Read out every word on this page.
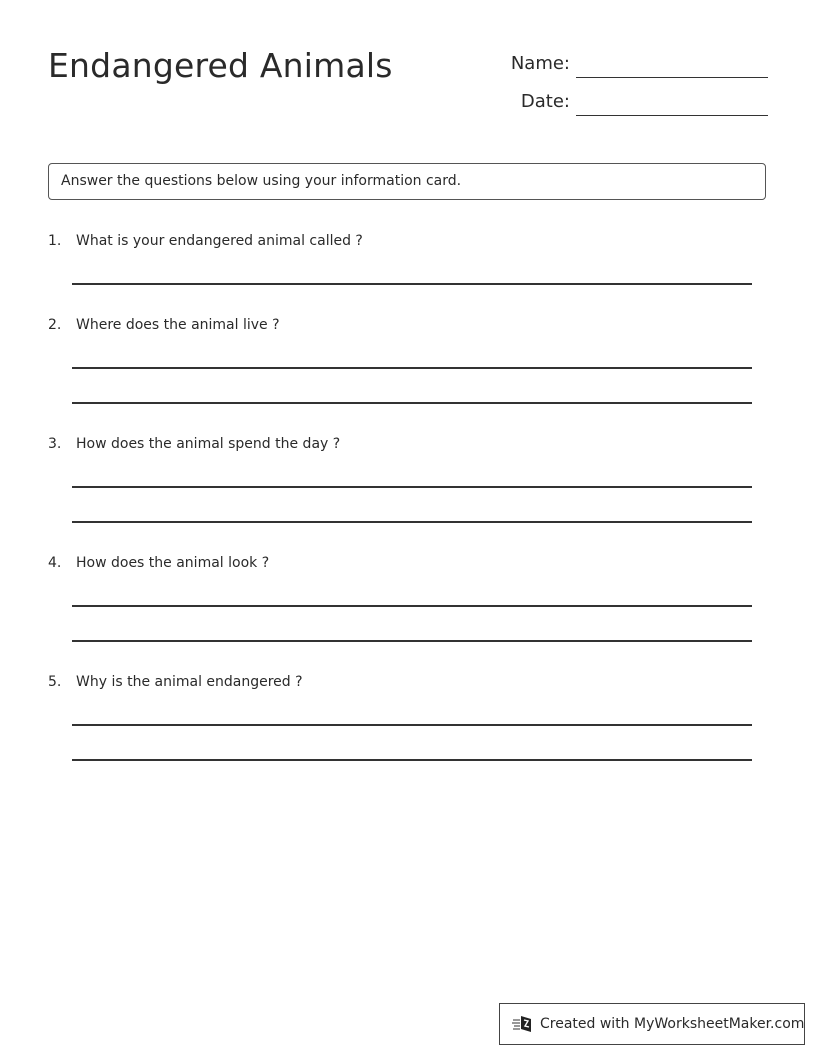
Endangered Animals	Name:
Date:
Answer the questions below using your information card.
1. What is your endangered animal called ?
2. Where does the animal live ?
3. How does the animal spend the day ?
4. How does the animal look ?
5. Why is the animal endangered ?
Created with MyWorksheetMaker.com
